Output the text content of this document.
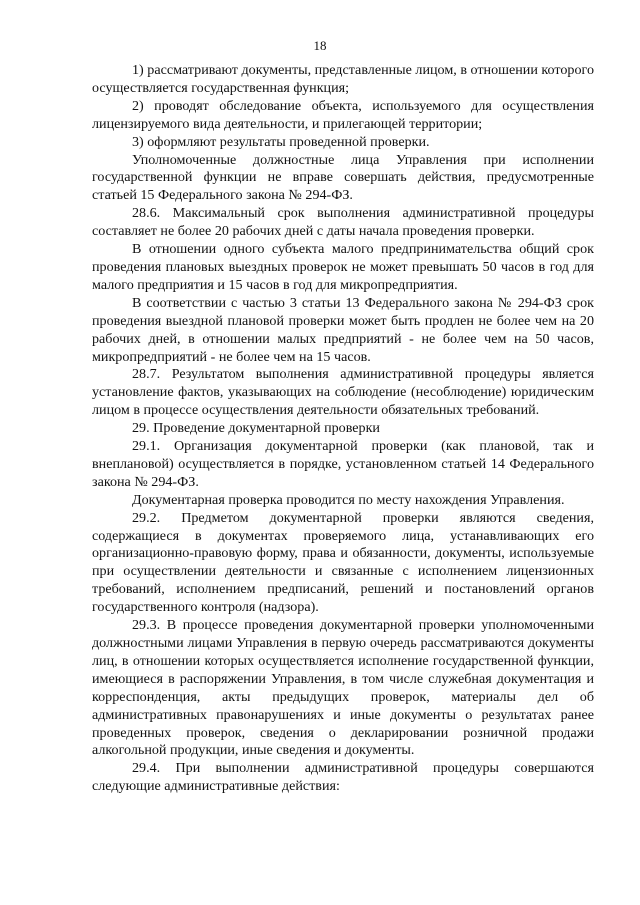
18

1) рассматривают документы, представленные лицом, в отношении которого осуществляется государственная функция;

2) проводят обследование объекта, используемого для осуществления лицензируемого вида деятельности, и прилегающей территории;

3) оформляют результаты проведенной проверки.

Уполномоченные должностные лица Управления при исполнении государственной функции не вправе совершать действия, предусмотренные статьей 15 Федерального закона № 294-ФЗ.

28.6. Максимальный срок выполнения административной процедуры составляет не более 20 рабочих дней с даты начала проведения проверки.

В отношении одного субъекта малого предпринимательства общий срок проведения плановых выездных проверок не может превышать 50 часов в год для малого предприятия и 15 часов в год для микропредприятия.

В соответствии с частью 3 статьи 13 Федерального закона № 294-ФЗ срок проведения выездной плановой проверки может быть продлен не более чем на 20 рабочих дней, в отношении малых предприятий - не более чем на 50 часов, микропредприятий - не более чем на 15 часов.

28.7. Результатом выполнения административной процедуры является установление фактов, указывающих на соблюдение (несоблюдение) юридическим лицом в процессе осуществления деятельности обязательных требований.

29. Проведение документарной проверки

29.1. Организация документарной проверки (как плановой, так и внеплановой) осуществляется в порядке, установленном статьей 14 Федерального закона № 294-ФЗ.

Документарная проверка проводится по месту нахождения Управления.

29.2. Предметом документарной проверки являются сведения, содержащиеся в документах проверяемого лица, устанавливающих его организационно-правовую форму, права и обязанности, документы, используемые при осуществлении деятельности и связанные с исполнением лицензионных требований, исполнением предписаний, решений и постановлений органов государственного контроля (надзора).

29.3. В процессе проведения документарной проверки уполномоченными должностными лицами Управления в первую очередь рассматриваются документы лиц, в отношении которых осуществляется исполнение государственной функции, имеющиеся в распоряжении Управления, в том числе служебная документация и корреспонденция, акты предыдущих проверок, материалы дел об административных правонарушениях и иные документы о результатах ранее проведенных проверок, сведения о декларировании розничной продажи алкогольной продукции, иные сведения и документы.

29.4. При выполнении административной процедуры совершаются следующие административные действия:
